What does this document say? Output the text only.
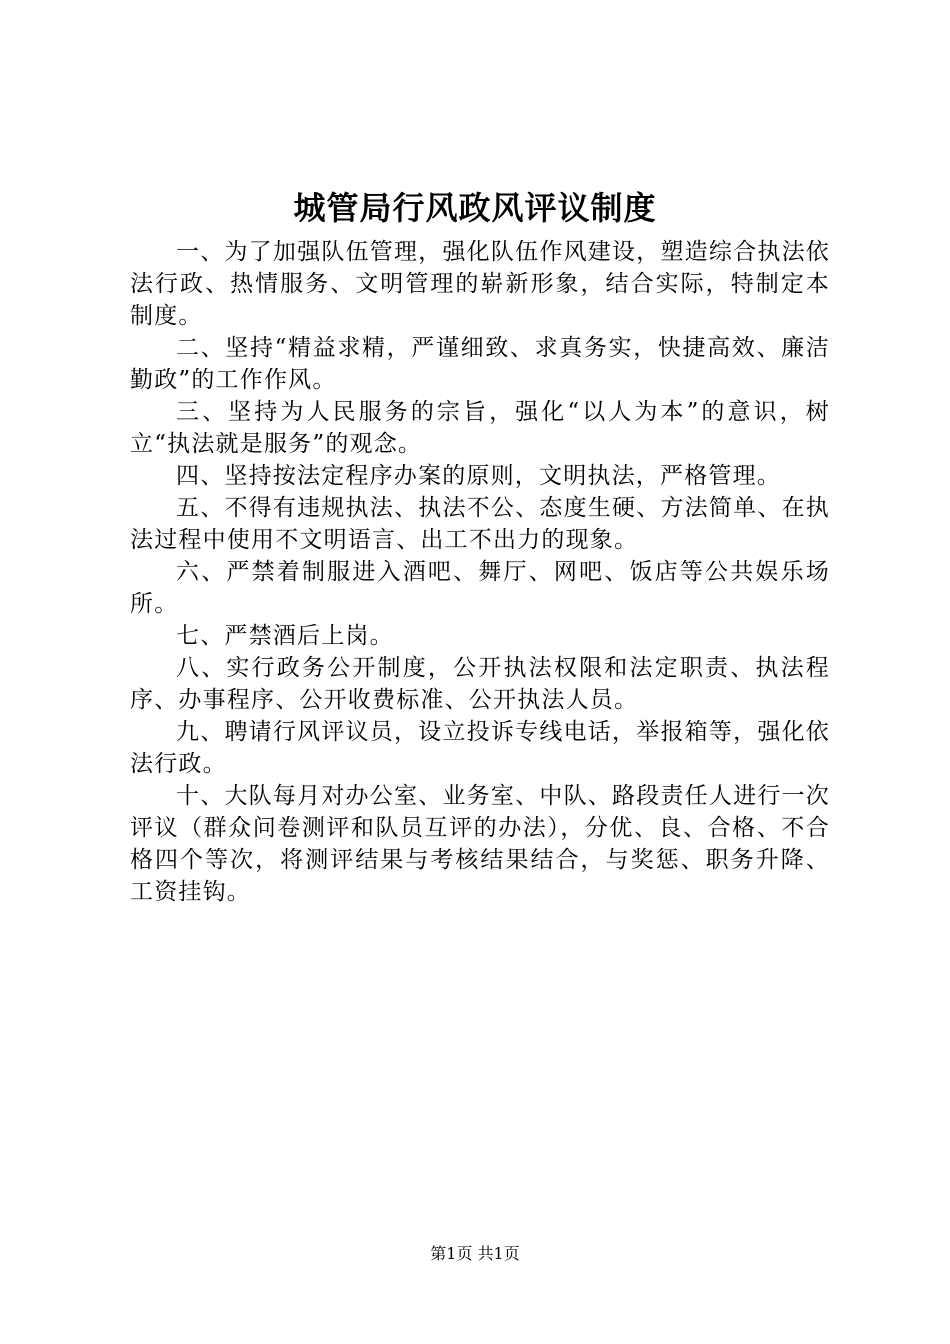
城管局行风政风评议制度

一、为了加强队伍管理，强化队伍作风建设，塑造综合执法依法行政、热情服务、文明管理的崭新形象，结合实际，特制定本制度。

二、坚持“精益求精，严谨细致、求真务实，快捷高效、廉洁勤政”的工作作风。

三、坚持为人民服务的宗旨，强化“以人为本”的意识，树立“执法就是服务”的观念。

四、坚持按法定程序办案的原则，文明执法，严格管理。

五、不得有违规执法、执法不公、态度生硬、方法简单、在执法过程中使用不文明语言、出工不出力的现象。

六、严禁着制服进入酒吧、舞厅、网吧、饭店等公共娱乐场所。

七、严禁酒后上岗。

八、实行政务公开制度，公开执法权限和法定职责、执法程序、办事程序、公开收费标准、公开执法人员。

九、聘请行风评议员，设立投诉专线电话，举报箱等，强化依法行政。

十、大队每月对办公室、业务室、中队、路段责任人进行一次评议（群众问卷测评和队员互评的办法），分优、良、合格、不合格四个等次，将测评结果与考核结果结合，与奖惩、职务升降、工资挂钩。

第1页 共1页
